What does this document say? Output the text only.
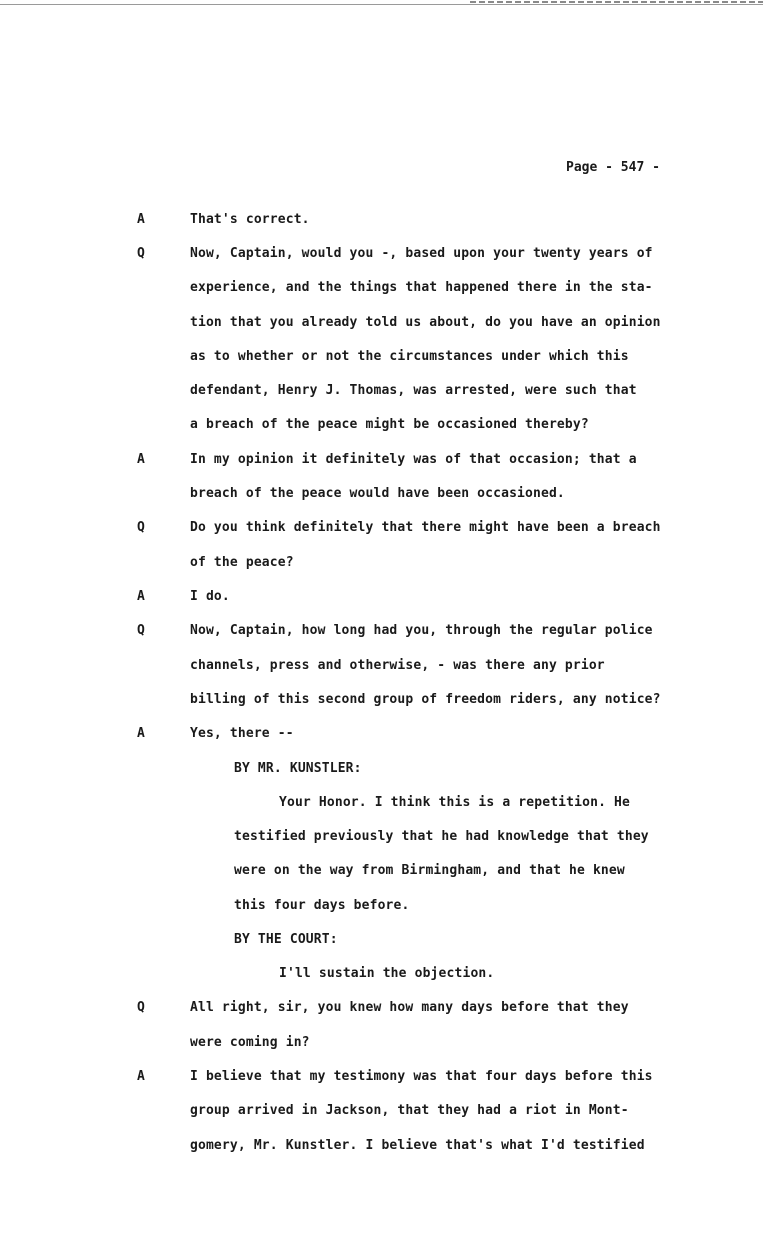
Page - 547 -
A	That's correct.
Q	Now, Captain, would you -, based upon your twenty years of
experience, and the things that happened there in the sta-
tion that you already told us about, do you have an opinion
as to whether or not the circumstances under which this
defendant, Henry J. Thomas, was arrested, were such that
a breach of the peace might be occasioned thereby?
A	In my opinion it definitely was of that occasion; that a
breach of the peace would have been occasioned.
Q	Do you think definitely that there might have been a breach
of the peace?
A	I do.
Q	Now, Captain, how long had you, through the regular police
channels, press and otherwise, - was there any prior
billing of this second group of freedom riders, any notice?
A	Yes, there --
BY MR. KUNSTLER:
Your Honor. I think this is a repetition. He
testified previously that he had knowledge that they
were on the way from Birmingham, and that he knew
this four days before.
BY THE COURT:
I'll sustain the objection.
Q	All right, sir, you knew how many days before that they
were coming in?
A	I believe that my testimony was that four days before this
group arrived in Jackson, that they had a riot in Mont-
gomery, Mr. Kunstler. I believe that's what I'd testified
